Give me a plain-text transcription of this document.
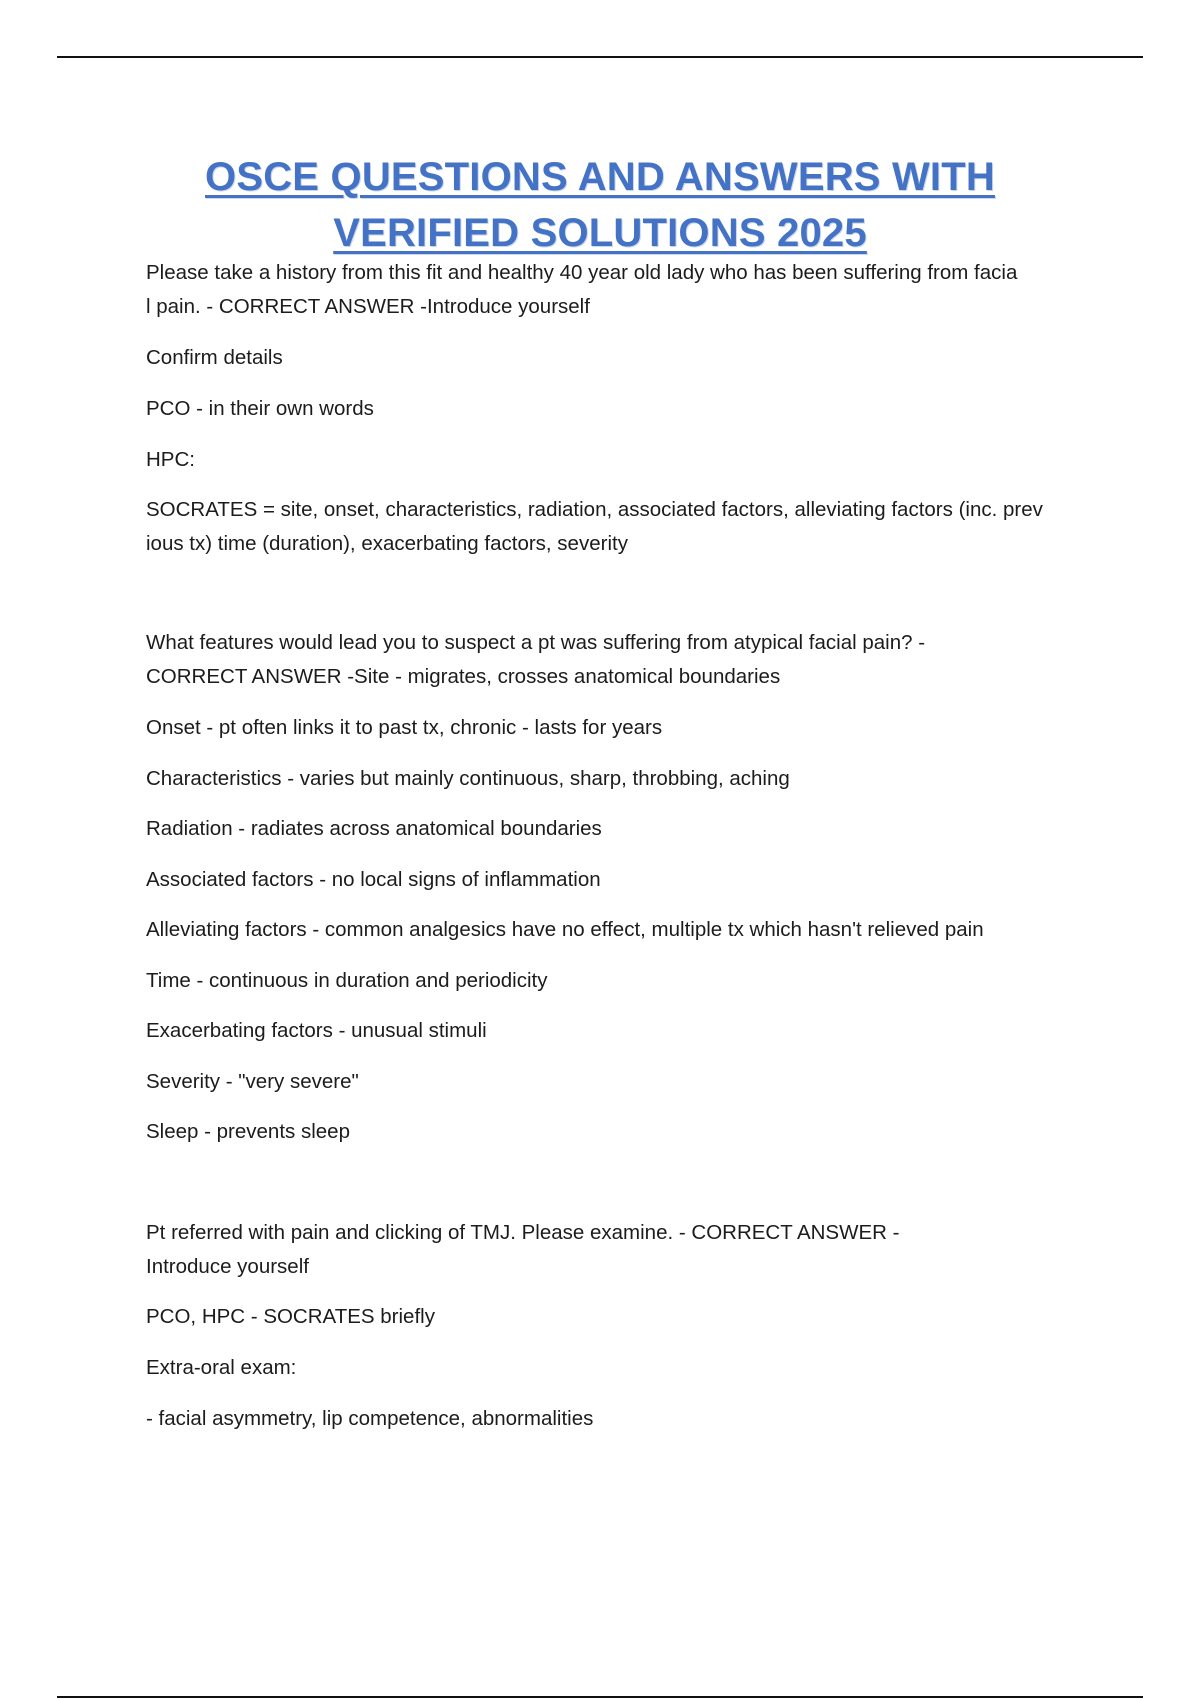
OSCE QUESTIONS AND ANSWERS WITH
VERIFIED SOLUTIONS 2025
Please take a history from this fit and healthy 40 year old lady who has been suffering from facia
l pain. - CORRECT ANSWER -Introduce yourself
Confirm details
PCO - in their own words
HPC:
SOCRATES = site, onset, characteristics, radiation, associated factors, alleviating factors (inc. prev
ious tx) time (duration), exacerbating factors, severity
What features would lead you to suspect a pt was suffering from atypical facial pain? -
CORRECT ANSWER -Site - migrates, crosses anatomical boundaries
Onset - pt often links it to past tx, chronic - lasts for years
Characteristics - varies but mainly continuous, sharp, throbbing, aching
Radiation - radiates across anatomical boundaries
Associated factors - no local signs of inflammation
Alleviating factors - common analgesics have no effect, multiple tx which hasn't relieved pain
Time - continuous in duration and periodicity
Exacerbating factors - unusual stimuli
Severity - "very severe"
Sleep - prevents sleep
Pt referred with pain and clicking of TMJ. Please examine. - CORRECT ANSWER -
Introduce yourself
PCO, HPC - SOCRATES briefly
Extra-oral exam:
- facial asymmetry, lip competence, abnormalities
